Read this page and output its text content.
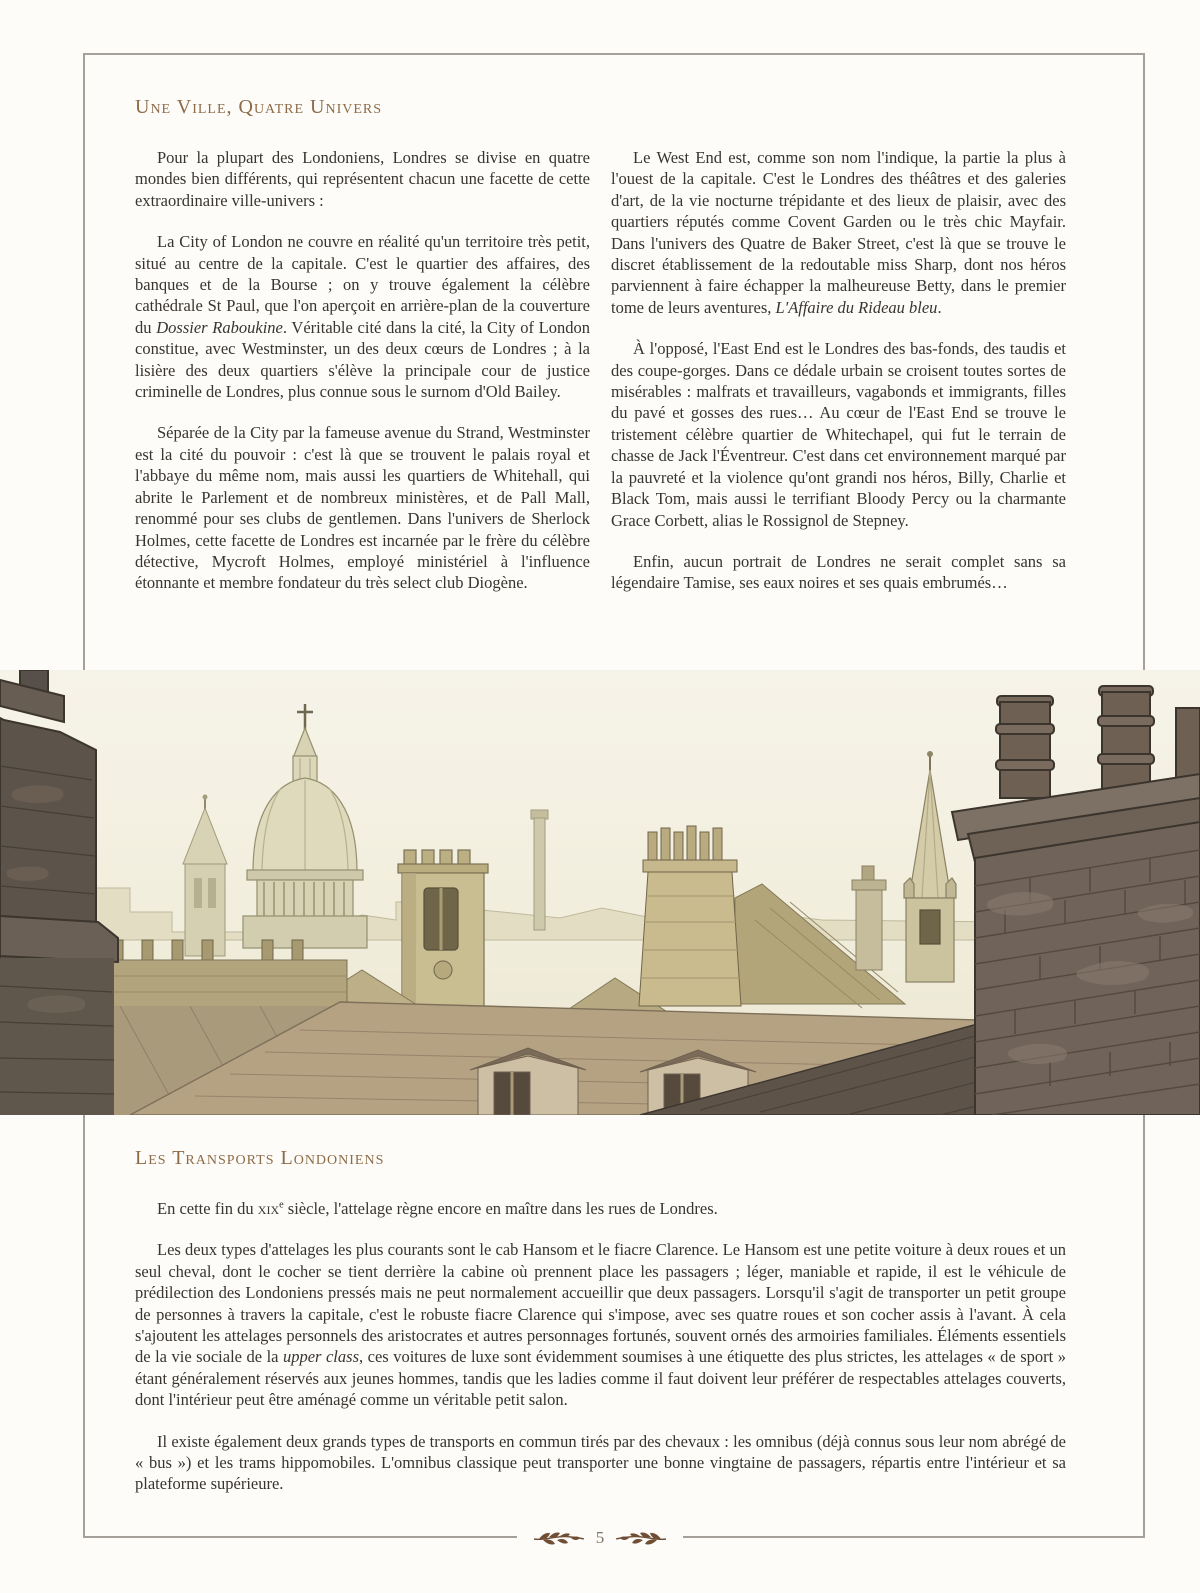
Une Ville, Quatre Univers

Pour la plupart des Londoniens, Londres se divise en quatre mondes bien différents, qui représentent chacun une facette de cette extraordinaire ville-univers :

La City of London ne couvre en réalité qu'un territoire très petit, situé au centre de la capitale. C'est le quartier des affaires, des banques et de la Bourse ; on y trouve également la célèbre cathédrale St Paul, que l'on aperçoit en arrière-plan de la couverture du Dossier Raboukine. Véritable cité dans la cité, la City of London constitue, avec Westminster, un des deux cœurs de Londres ; à la lisière des deux quartiers s'élève la principale cour de justice criminelle de Londres, plus connue sous le surnom d'Old Bailey.

Séparée de la City par la fameuse avenue du Strand, Westminster est la cité du pouvoir : c'est là que se trouvent le palais royal et l'abbaye du même nom, mais aussi les quartiers de Whitehall, qui abrite le Parlement et de nombreux ministères, et de Pall Mall, renommé pour ses clubs de gentlemen. Dans l'univers de Sherlock Holmes, cette facette de Londres est incarnée par le frère du célèbre détective, Mycroft Holmes, employé ministériel à l'influence étonnante et membre fondateur du très select club Diogène.

Le West End est, comme son nom l'indique, la partie la plus à l'ouest de la capitale. C'est le Londres des théâtres et des galeries d'art, de la vie nocturne trépidante et des lieux de plaisir, avec des quartiers réputés comme Covent Garden ou le très chic Mayfair. Dans l'univers des Quatre de Baker Street, c'est là que se trouve le discret établissement de la redoutable miss Sharp, dont nos héros parviennent à faire échapper la malheureuse Betty, dans le premier tome de leurs aventures, L'Affaire du Rideau bleu.

À l'opposé, l'East End est le Londres des bas-fonds, des taudis et des coupe-gorges. Dans ce dédale urbain se croisent toutes sortes de misérables : malfrats et travailleurs, vagabonds et immigrants, filles du pavé et gosses des rues… Au cœur de l'East End se trouve le tristement célèbre quartier de Whitechapel, qui fut le terrain de chasse de Jack l'Éventreur. C'est dans cet environnement marqué par la pauvreté et la violence qu'ont grandi nos héros, Billy, Charlie et Black Tom, mais aussi le terrifiant Bloody Percy ou la charmante Grace Corbett, alias le Rossignol de Stepney.

Enfin, aucun portrait de Londres ne serait complet sans sa légendaire Tamise, ses eaux noires et ses quais embrumés…

Les Transports Londoniens

En cette fin du xix$^e$ siècle, l'attelage règne encore en maître dans les rues de Londres.

Les deux types d'attelages les plus courants sont le cab Hansom et le fiacre Clarence. Le Hansom est une petite voiture à deux roues et un seul cheval, dont le cocher se tient derrière la cabine où prennent place les passagers ; léger, maniable et rapide, il est le véhicule de prédilection des Londoniens pressés mais ne peut normalement accueillir que deux passagers. Lorsqu'il s'agit de transporter un petit groupe de personnes à travers la capitale, c'est le robuste fiacre Clarence qui s'impose, avec ses quatre roues et son cocher assis à l'avant. À cela s'ajoutent les attelages personnels des aristocrates et autres personnages fortunés, souvent ornés des armoiries familiales. Éléments essentiels de la vie sociale de la upper class, ces voitures de luxe sont évidemment soumises à une étiquette des plus strictes, les attelages « de sport » étant généralement réservés aux jeunes hommes, tandis que les ladies comme il faut doivent leur préférer de respectables attelages couverts, dont l'intérieur peut être aménagé comme un véritable petit salon.

Il existe également deux grands types de transports en commun tirés par des chevaux : les omnibus (déjà connus sous leur nom abrégé de « bus ») et les trams hippomobiles. L'omnibus classique peut transporter une bonne vingtaine de passagers, répartis entre l'intérieur et sa plateforme supérieure.

5
